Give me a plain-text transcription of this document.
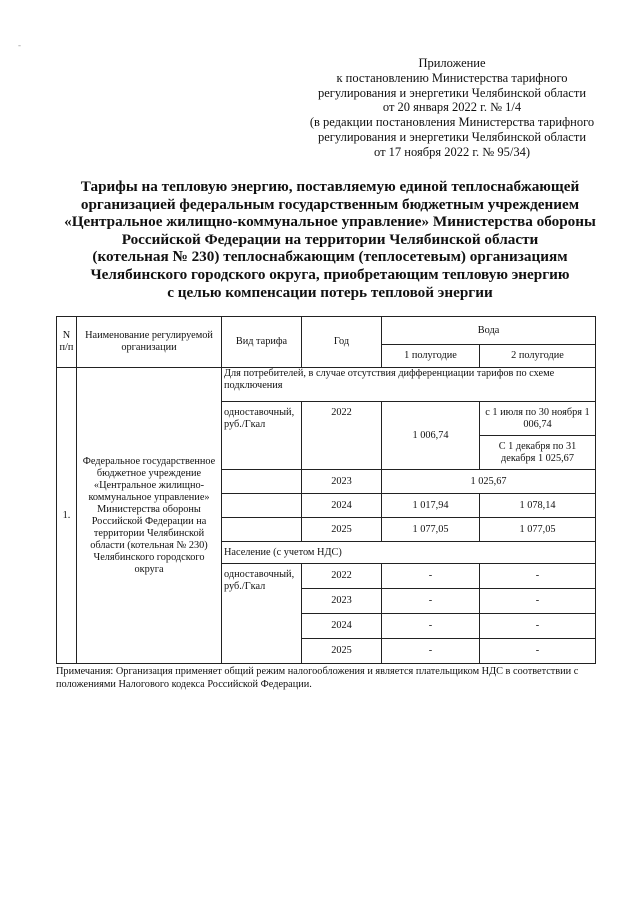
-
Приложение
к постановлению Министерства тарифного
регулирования и энергетики Челябинской области
от 20 января 2022 г. № 1/4
(в редакции постановления Министерства тарифного
регулирования и энергетики Челябинской области
от 17 ноября 2022 г. № 95/34)
Тарифы на тепловую энергию, поставляемую единой теплоснабжающей
организацией федеральным государственным бюджетным учреждением
«Центральное жилищно-коммунальное управление» Министерства обороны
Российской Федерации на территории Челябинской области
(котельная № 230) теплоснабжающим (теплосетевым) организациям
Челябинского городского округа, приобретающим тепловую энергию
с целью компенсации потерь тепловой энергии
N п/п	Наименование регулируемой организации	Вид тарифа	Год	Вода	
				1 полугодие	2 полугодие
1.	Федеральное государственное бюджетное учреждение «Центральное жилищно-коммунальное управление» Министерства обороны Российской Федерации на территории Челябинской области (котельная № 230) Челябинского городского округа	Для потребителей, в случае отсутствия дифференциации тарифов по схеме подключения			
		одноставочный, руб./Гкал	2022	1 006,74	с 1 июля по 30 ноября 1 006,74
					С 1 декабря по 31 декабря 1 025,67
			2023	1 025,67	
			2024	1 017,94	1 078,14
			2025	1 077,05	1 077,05
		Население (с учетом НДС)			
		одноставочный, руб./Гкал	2022	-	-
			2023	-	-
			2024	-	-
			2025	-	-
Примечания: Организация применяет общий режим налогообложения и является плательщиком НДС в соответствии с положениями Налогового кодекса Российской Федерации.
